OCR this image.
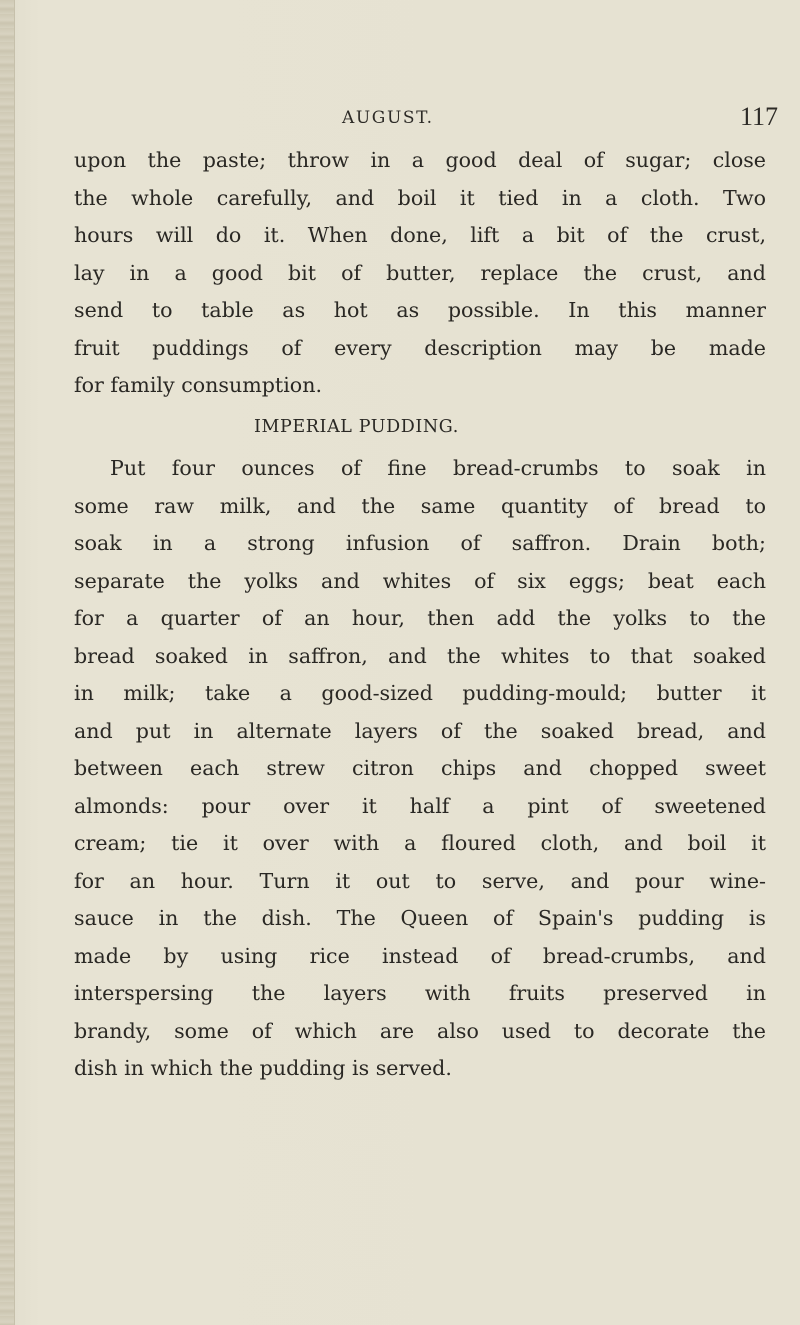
AUGUST.	117
upon the paste; throw in a good deal of sugar; close
the whole carefully, and boil it tied in a cloth. Two
hours will do it. When done, lift a bit of the crust,
lay in a good bit of butter, replace the crust, and
send to table as hot as possible. In this manner
fruit puddings of every description may be made
for family consumption.
IMPERIAL PUDDING.
Put four ounces of fine bread-crumbs to soak in
some raw milk, and the same quantity of bread to
soak in a strong infusion of saffron. Drain both;
separate the yolks and whites of six eggs; beat each
for a quarter of an hour, then add the yolks to the
bread soaked in saffron, and the whites to that soaked
in milk; take a good-sized pudding-mould; butter it
and put in alternate layers of the soaked bread, and
between each strew citron chips and chopped sweet
almonds: pour over it half a pint of sweetened
cream; tie it over with a floured cloth, and boil it
for an hour. Turn it out to serve, and pour wine-
sauce in the dish. The Queen of Spain's pudding is
made by using rice instead of bread-crumbs, and
interspersing the layers with fruits preserved in
brandy, some of which are also used to decorate the
dish in which the pudding is served.
